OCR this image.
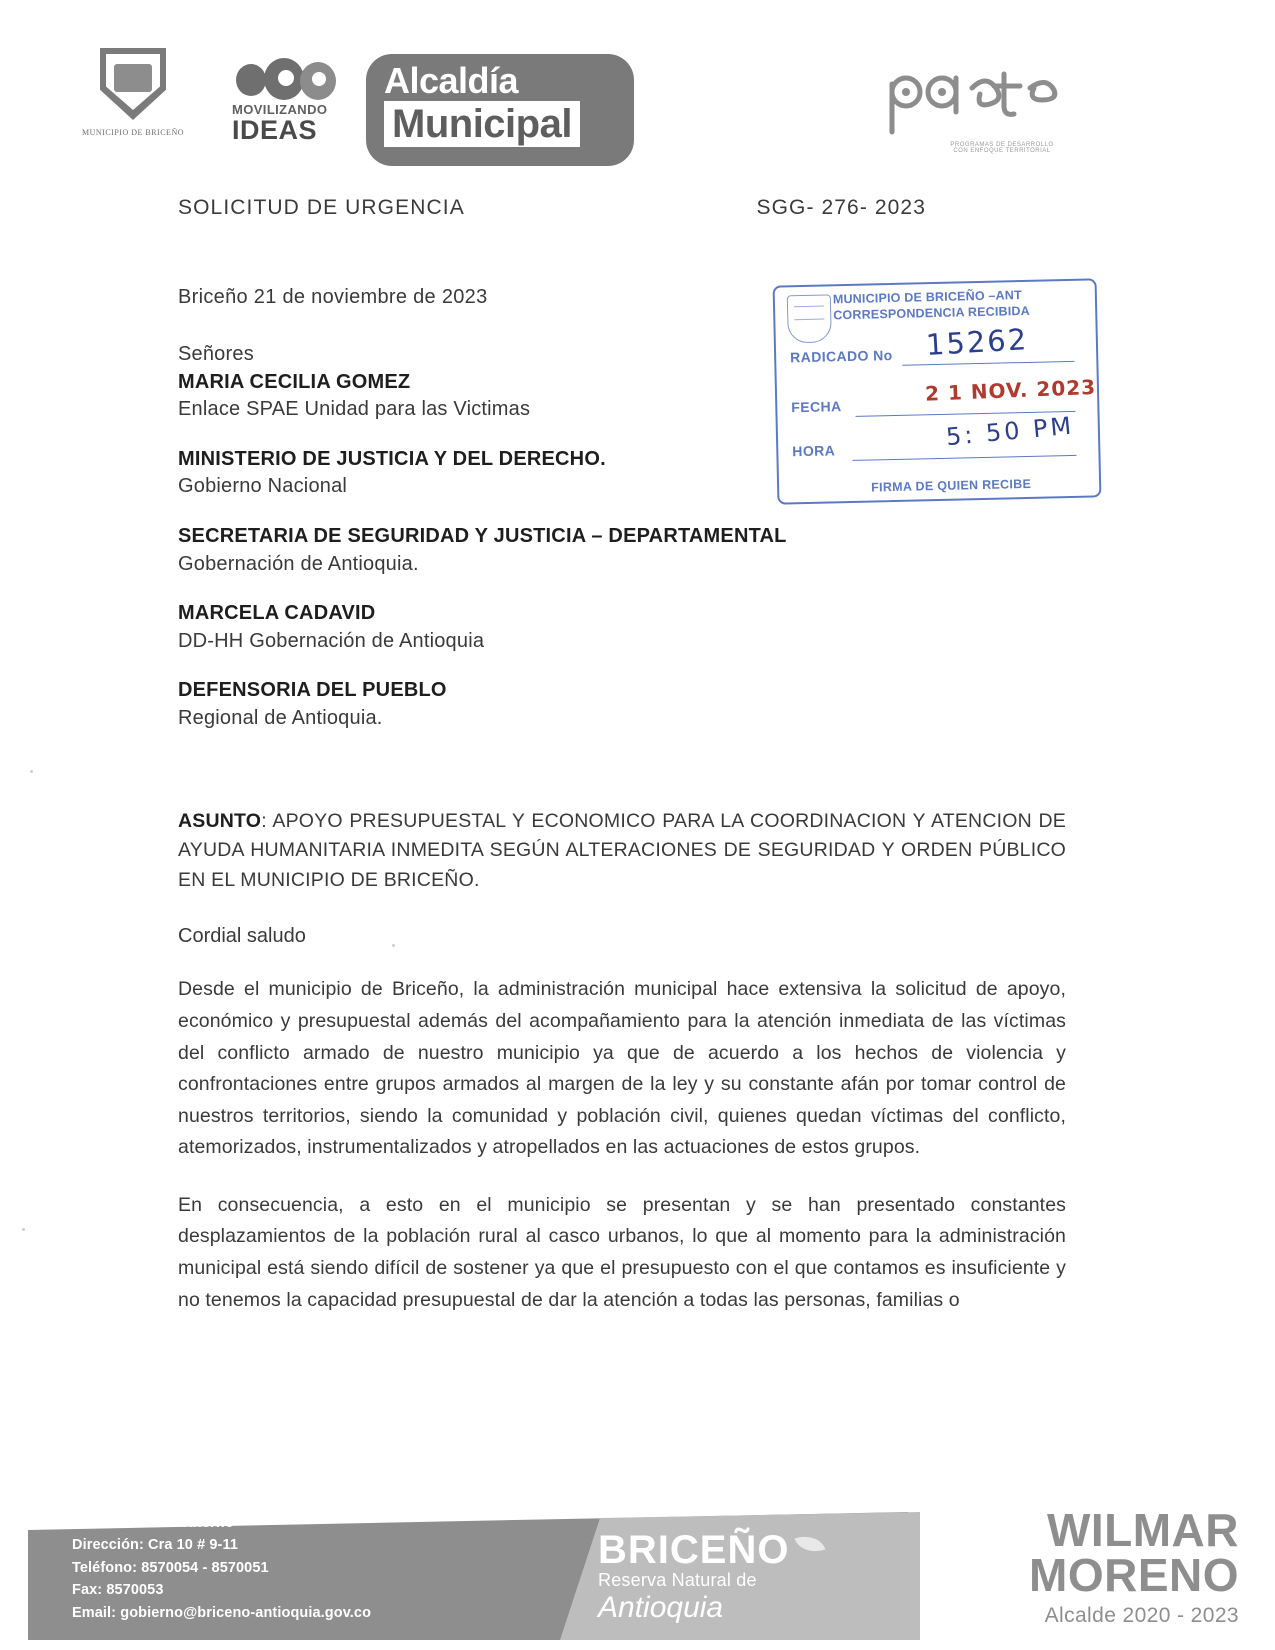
MUNICIPIO DE BRICEÑO
MOVILIZANDO
IDEAS
Alcaldía
Municipal	PROGRAMAS DE DESARROLLO CON ENFOQUE TERRITORIAL
MUNICIPIO DE BRICEÑO –ANT
CORRESPONDENCIA RECIBIDA
RADICADO No
FECHA
HORA
FIRMA DE QUIEN RECIBE
15262
2 1 NOV. 2023
5: 50 PM
SOLICITUD DE URGENCIA	SGG- 276- 2023
Briceño 21 de noviembre de 2023
Señores
MARIA CECILIA GOMEZ
Enlace SPAE Unidad para las Victimas
MINISTERIO DE JUSTICIA Y DEL DERECHO.
Gobierno Nacional
SECRETARIA DE SEGURIDAD Y JUSTICIA – DEPARTAMENTAL
Gobernación de Antioquia.
MARCELA CADAVID
DD-HH Gobernación de Antioquia
DEFENSORIA DEL PUEBLO
Regional de Antioquia.
ASUNTO: APOYO PRESUPUESTAL Y ECONOMICO PARA LA COORDINACION Y ATENCION DE AYUDA HUMANITARIA INMEDITA SEGÚN ALTERACIONES DE SEGURIDAD Y ORDEN PÚBLICO EN EL MUNICIPIO DE BRICEÑO.
Cordial saludo
Desde el municipio de Briceño, la administración municipal hace extensiva la solicitud de apoyo, económico y presupuestal además del acompañamiento para la atención inmediata de las víctimas del conflicto armado de nuestro municipio ya que de acuerdo a los hechos de violencia y confrontaciones entre grupos armados al margen de la ley y su constante afán por tomar control de nuestros territorios, siendo la comunidad y población civil, quienes quedan víctimas del conflicto, atemorizados, instrumentalizados y atropellados en las actuaciones de estos grupos.
En consecuencia, a esto en el municipio se presentan y se han presentado constantes desplazamientos de la población rural al casco urbanos, lo que al momento para la administración municipal está siendo difícil de sostener ya que el presupuesto con el que contamos es insuficiente y no tenemos la capacidad presupuestal de dar la atención a todas las personas, familias o
Secretaría de Gobierno
Dirección: Cra 10 # 9-11
Teléfono: 8570054 - 8570051
Fax: 8570053
Email: gobierno@briceno-antioquia.gov.co
BRICEÑO
Reserva Natural de
Antioquia
WILMAR
MORENO
Alcalde 2020 - 2023
